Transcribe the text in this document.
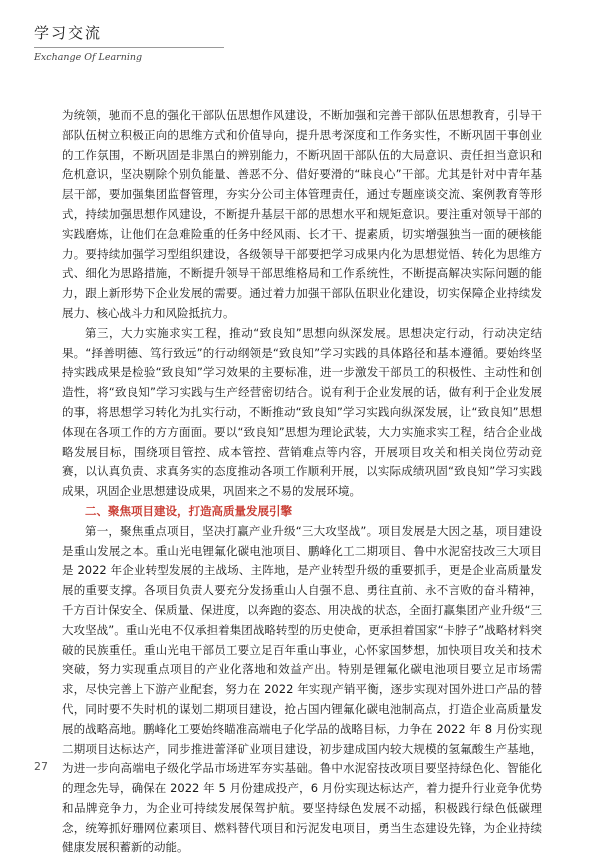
学习交流
Exchange Of Learning

为统领，驰而不息的强化干部队伍思想作风建设，不断加强和完善干部队伍思想教育，引导干部队伍树立积极正向的思维方式和价值导向，提升思考深度和工作务实性，不断巩固干事创业的工作氛围，不断巩固是非黑白的辨别能力，不断巩固干部队伍的大局意识、责任担当意识和危机意识，坚决剔除个别负能量、善恶不分、借好要滑的“昧良心”干部。尤其是针对中青年基层干部，要加强集团监督管理，夯实分公司主体管理责任，通过专题座谈交流、案例教育等形式，持续加强思想作风建设，不断提升基层干部的思想水平和规矩意识。要注重对领导干部的实践磨炼，让他们在急难险重的任务中经风雨、长才干、提素质，切实增强独当一面的硬核能力。要持续加强学习型组织建设，各级领导干部要把学习成果内化为思想觉悟、转化为思维方式、细化为思路措施，不断提升领导干部思维格局和工作系统性，不断提高解决实际问题的能力，跟上新形势下企业发展的需要。通过着力加强干部队伍职业化建设，切实保障企业持续发展力、核心战斗力和风险抵抗力。

第三，大力实施求实工程，推动“致良知”思想向纵深发展。思想决定行动，行动决定结果。“择善明德、笃行致远”的行动纲领是“致良知”学习实践的具体路径和基本遵循。要始终坚持实践成果是检验“致良知”学习效果的主要标准，进一步激发干部员工的积极性、主动性和创造性，将“致良知”学习实践与生产经营密切结合。说有利于企业发展的话，做有利于企业发展的事，将思想学习转化为扎实行动，不断推动“致良知”学习实践向纵深发展，让“致良知”思想体现在各项工作的方方面面。要以“致良知”思想为理论武装，大力实施求实工程，结合企业战略发展目标，围绕项目管控、成本管控、营销难点等内容，开展项目攻关和相关岗位劳动竞赛，以认真负责、求真务实的态度推动各项工作顺利开展，以实际成绩巩固“致良知”学习实践成果，巩固企业思想建设成果，巩固来之不易的发展环境。

二、聚焦项目建设，打造高质量发展引擎

第一，聚焦重点项目，坚决打赢产业升级“三大攻坚战”。项目发展是大因之基，项目建设是重山发展之本。重山光电锂氟化碳电池项目、鹏峰化工二期项目、鲁中水泥窑技改三大项目是 2022 年企业转型发展的主战场、主阵地，是产业转型升级的重要抓手，更是企业高质量发展的重要支撑。各项目负责人要充分发扬重山人自强不息、勇往直前、永不言败的奋斗精神，千方百计保安全、保质量、保进度，以奔跑的姿态、用决战的状态，全面打赢集团产业升级“三大攻坚战”。重山光电不仅承担着集团战略转型的历史使命，更承担着国家“卡脖子”战略材料突破的民族重任。重山光电干部员工要立足百年重山事业，心怀家国梦想，加快项目攻关和技术突破，努力实现重点项目的产业化落地和效益产出。特别是锂氟化碳电池项目要立足市场需求，尽快完善上下游产业配套，努力在 2022 年实现产销平衡，逐步实现对国外进口产品的替代，同时要不失时机的谋划二期项目建设，抢占国内锂氟化碳电池制高点，打造企业高质量发展的战略高地。鹏峰化工要始终瞄准高端电子化学品的战略目标，力争在 2022 年 8 月份实现二期项目达标达产，同步推进蕾泽矿业项目建设，初步建成国内较大规模的氢氟酸生产基地，为进一步向高端电子级化学品市场进军夯实基础。鲁中水泥窑技改项目要坚持绿色化、智能化的理念先导，确保在 2022 年 5 月份建成投产，6 月份实现达标达产，着力提升行业竞争优势和品牌竞争力，为企业可持续发展保驾护航。要坚持绿色发展不动摇，积极践行绿色低碳理念，统筹抓好珊网位素项目、燃料替代项目和污泥发电项目，勇当生态建设先锋，为企业持续健康发展积蓄新的动能。

27
